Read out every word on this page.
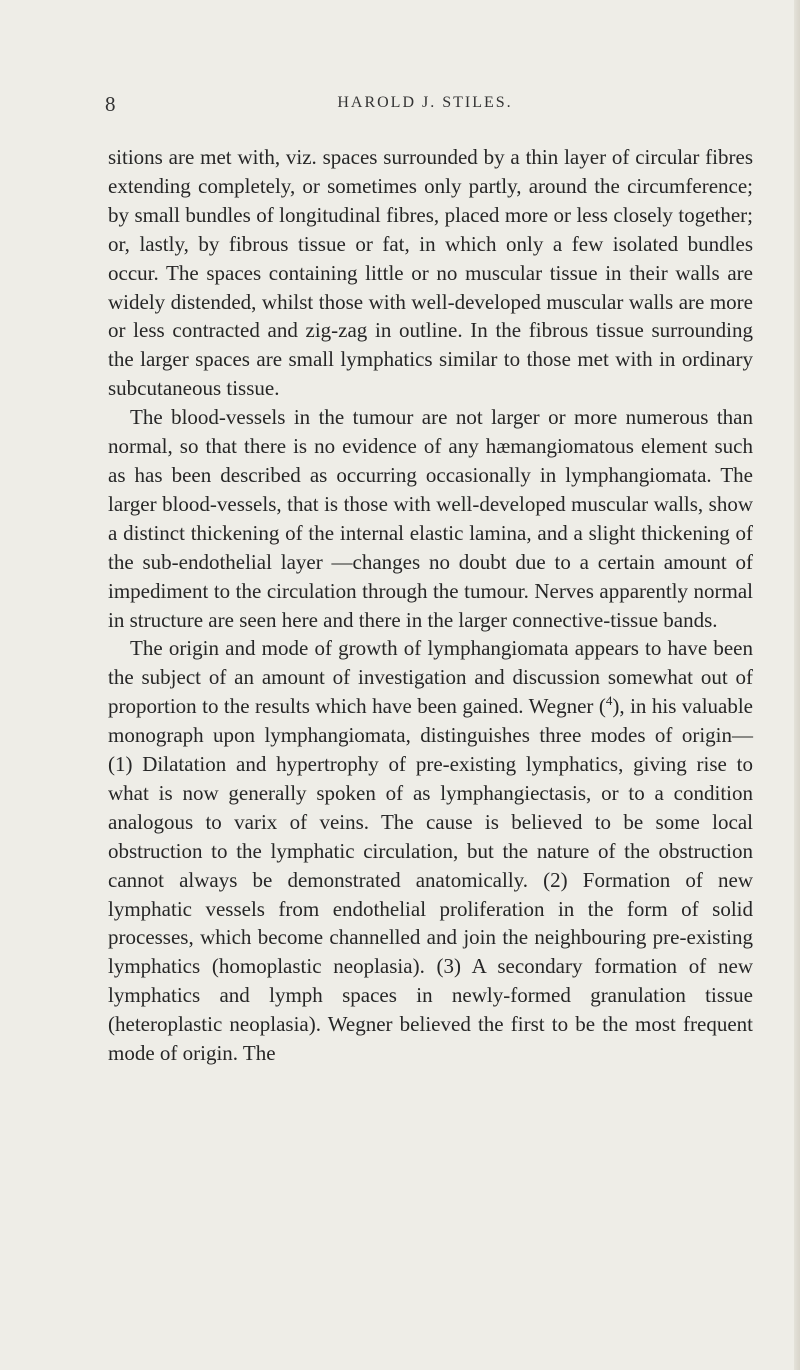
8	HAROLD J. STILES.

sitions are met with, viz. spaces surrounded by a thin layer of circular fibres extending completely, or sometimes only partly, around the circumference; by small bundles of longitudinal fibres, placed more or less closely together; or, lastly, by fibrous tissue or fat, in which only a few isolated bundles occur. The spaces containing little or no muscular tissue in their walls are widely distended, whilst those with well-developed muscular walls are more or less contracted and zig-zag in outline. In the fibrous tissue surrounding the larger spaces are small lymphatics similar to those met with in ordinary subcutaneous tissue.

The blood-vessels in the tumour are not larger or more numerous than normal, so that there is no evidence of any hæmangiomatous element such as has been described as occurring occasionally in lymphangiomata. The larger blood-vessels, that is those with well-developed muscular walls, show a distinct thickening of the internal elastic lamina, and a slight thickening of the sub-endothelial layer —changes no doubt due to a certain amount of impediment to the circulation through the tumour. Nerves apparently normal in structure are seen here and there in the larger connective-tissue bands.

The origin and mode of growth of lymphangiomata appears to have been the subject of an amount of investigation and discussion somewhat out of proportion to the results which have been gained. Wegner ($^4$), in his valuable monograph upon lymphangiomata, distinguishes three modes of origin— (1) Dilatation and hypertrophy of pre-existing lymphatics, giving rise to what is now generally spoken of as lymphangiectasis, or to a condition analogous to varix of veins. The cause is believed to be some local obstruction to the lymphatic circulation, but the nature of the obstruction cannot always be demonstrated anatomically. (2) Formation of new lymphatic vessels from endothelial proliferation in the form of solid processes, which become channelled and join the neighbouring pre-existing lymphatics (homoplastic neoplasia). (3) A secondary formation of new lymphatics and lymph spaces in newly-formed granulation tissue (heteroplastic neoplasia). Wegner believed the first to be the most frequent mode of origin. The
